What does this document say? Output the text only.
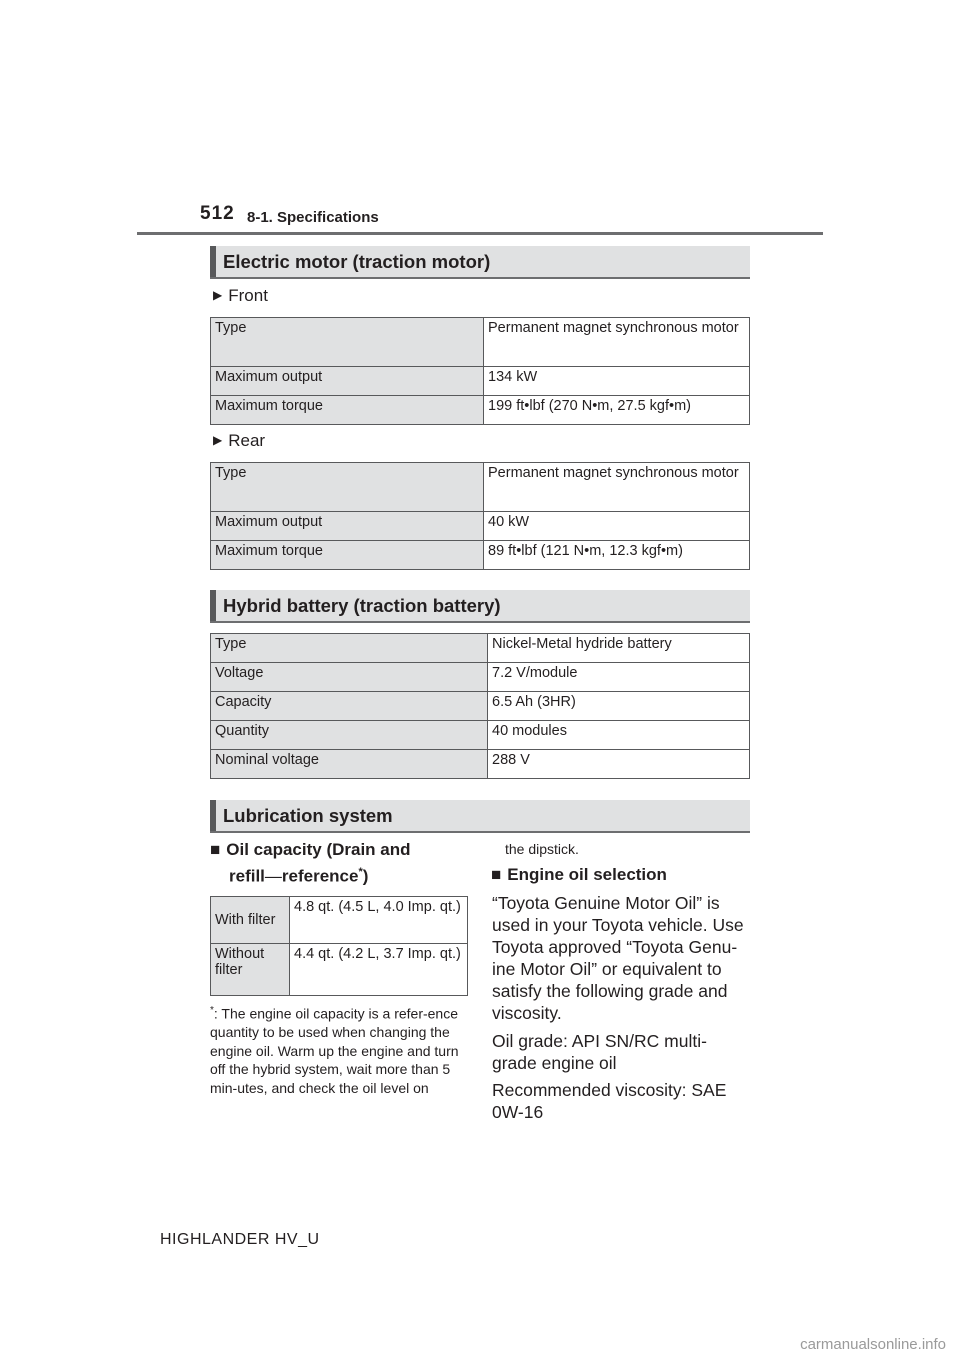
512 8-1. Specifications
Electric motor (traction motor)
▶ Front
Type	Permanent magnet synchronous motor
Maximum output	134 kW
Maximum torque	199 ft•lbf (270 N•m, 27.5 kgf•m)
▶ Rear
Type	Permanent magnet synchronous motor
Maximum output	40 kW
Maximum torque	89 ft•lbf (121 N•m, 12.3 kgf•m)
Hybrid battery (traction battery)
Type	Nickel-Metal hydride battery
Voltage	7.2 V/module
Capacity	6.5 Ah (3HR)
Quantity	40 modules
Nominal voltage	288 V
Lubrication system
■ Oil capacity (Drain and
refill—reference*)
With filter	4.8 qt. (4.5 L, 4.0 Imp. qt.)
Without filter	4.4 qt. (4.2 L, 3.7 Imp. qt.)
*: The engine oil capacity is a refer-ence quantity to be used when changing the engine oil. Warm up the engine and turn off the hybrid system, wait more than 5 min-utes, and check the oil level on
the dipstick.
■ Engine oil selection
“Toyota Genuine Motor Oil” is used in your Toyota vehicle. Use Toyota approved “Toyota Genu-ine Motor Oil” or equivalent to satisfy the following grade and viscosity.
Oil grade: API SN/RC multi-grade engine oil
Recommended viscosity: SAE 0W-16
HIGHLANDER HV_U
carmanualsonline.info
